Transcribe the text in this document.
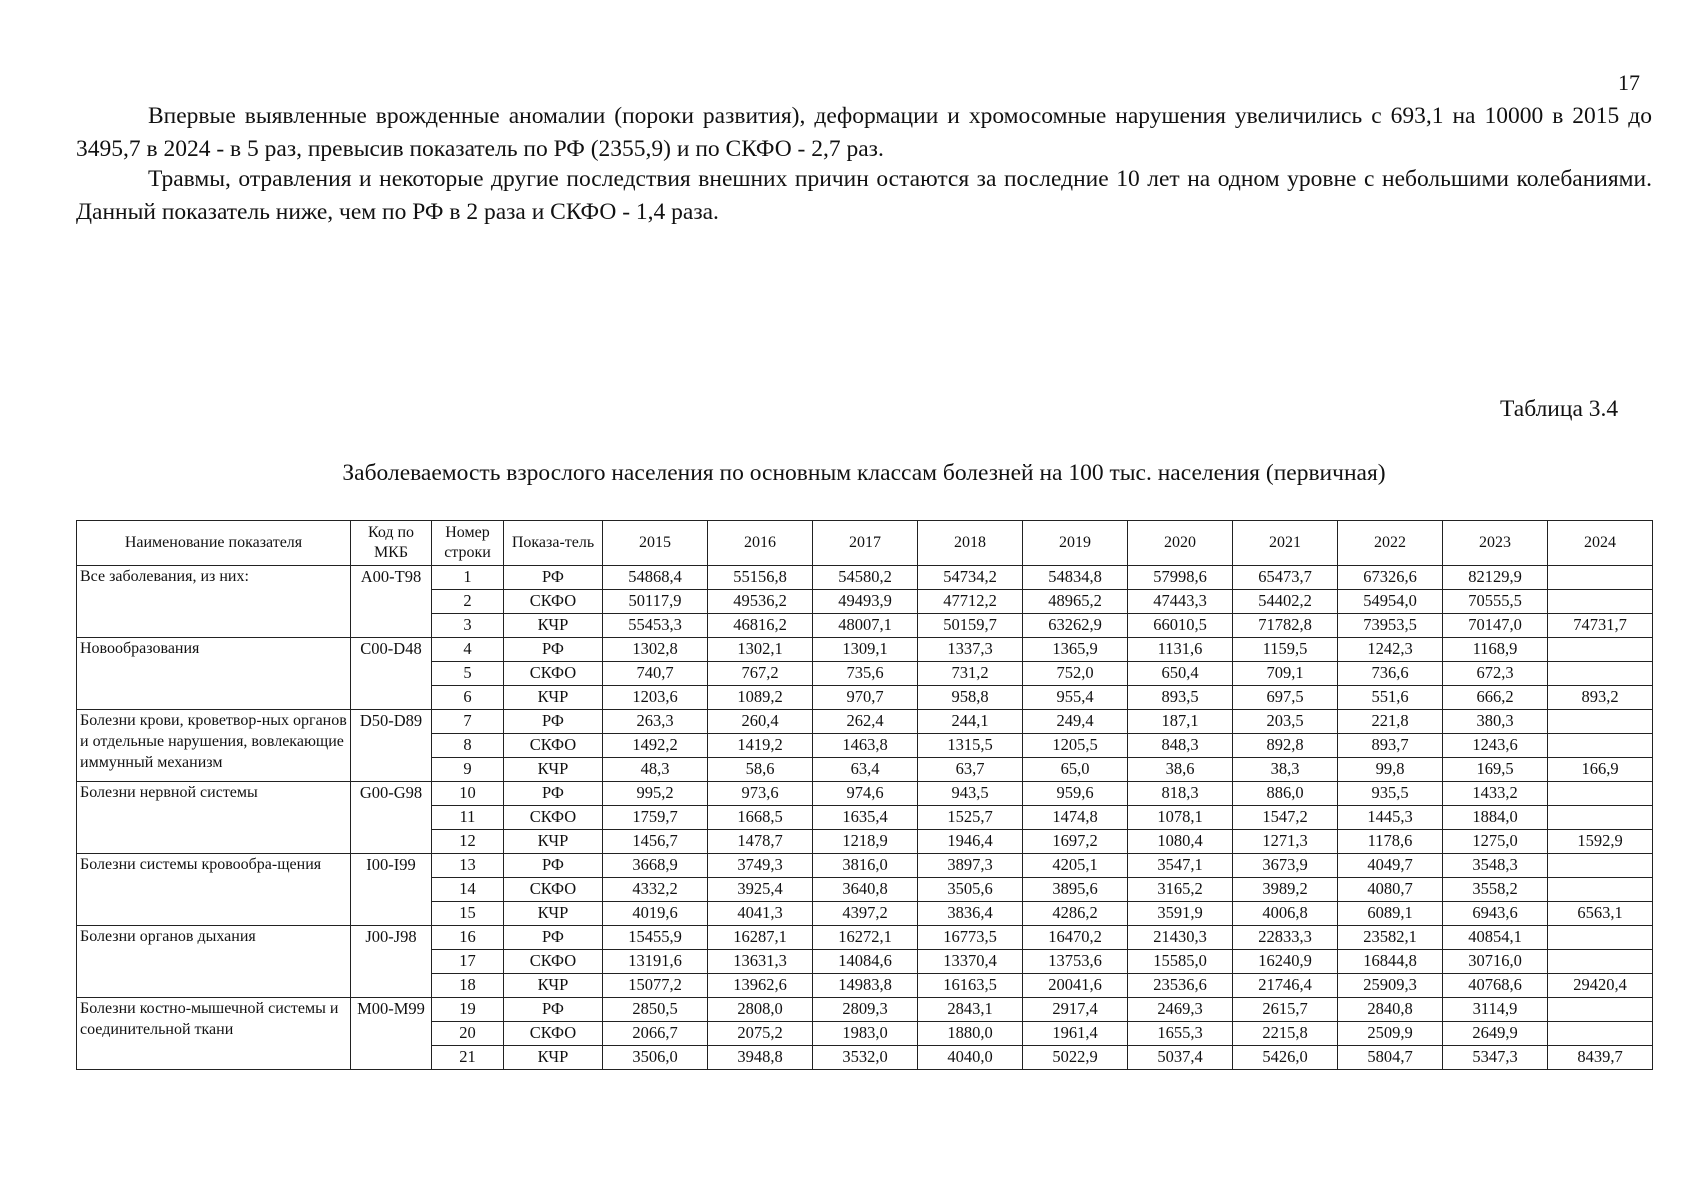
17

Впервые выявленные врожденные аномалии (пороки развития), деформации и хромосомные нарушения увеличились с 693,1 на 10000 в 2015 до 3495,7 в 2024 - в 5 раз, превысив показатель по РФ (2355,9) и по СКФО - 2,7 раз.

Травмы, отравления и некоторые другие последствия внешних причин остаются за последние 10 лет на одном уровне с небольшими колебаниями. Данный показатель ниже, чем по РФ в 2 раза и СКФО - 1,4 раза.

Таблица 3.4
Заболеваемость взрослого населения по основным классам болезней на 100 тыс. населения (первичная)
Наименование показателя	Код по МКБ	Номер строки	Показа-тель	2015	2016	2017	2018	2019	2020	2021	2022	2023	2024
Все заболевания, из них:	A00-T98	1	РФ	54868,4	55156,8	54580,2	54734,2	54834,8	57998,6	65473,7	67326,6	82129,9	
		2	СКФО	50117,9	49536,2	49493,9	47712,2	48965,2	47443,3	54402,2	54954,0	70555,5	
		3	КЧР	55453,3	46816,2	48007,1	50159,7	63262,9	66010,5	71782,8	73953,5	70147,0	74731,7
Новообразования	C00-D48	4	РФ	1302,8	1302,1	1309,1	1337,3	1365,9	1131,6	1159,5	1242,3	1168,9	
		5	СКФО	740,7	767,2	735,6	731,2	752,0	650,4	709,1	736,6	672,3	
		6	КЧР	1203,6	1089,2	970,7	958,8	955,4	893,5	697,5	551,6	666,2	893,2
Болезни крови, кроветвор-ных органов и отдельные нарушения, вовлекающие иммунный механизм	D50-D89	7	РФ	263,3	260,4	262,4	244,1	249,4	187,1	203,5	221,8	380,3	
		8	СКФО	1492,2	1419,2	1463,8	1315,5	1205,5	848,3	892,8	893,7	1243,6	
		9	КЧР	48,3	58,6	63,4	63,7	65,0	38,6	38,3	99,8	169,5	166,9
Болезни нервной системы	G00-G98	10	РФ	995,2	973,6	974,6	943,5	959,6	818,3	886,0	935,5	1433,2	
		11	СКФО	1759,7	1668,5	1635,4	1525,7	1474,8	1078,1	1547,2	1445,3	1884,0	
		12	КЧР	1456,7	1478,7	1218,9	1946,4	1697,2	1080,4	1271,3	1178,6	1275,0	1592,9
Болезни системы кровообра-щения	I00-I99	13	РФ	3668,9	3749,3	3816,0	3897,3	4205,1	3547,1	3673,9	4049,7	3548,3	
		14	СКФО	4332,2	3925,4	3640,8	3505,6	3895,6	3165,2	3989,2	4080,7	3558,2	
		15	КЧР	4019,6	4041,3	4397,2	3836,4	4286,2	3591,9	4006,8	6089,1	6943,6	6563,1
Болезни органов дыхания	J00-J98	16	РФ	15455,9	16287,1	16272,1	16773,5	16470,2	21430,3	22833,3	23582,1	40854,1	
		17	СКФО	13191,6	13631,3	14084,6	13370,4	13753,6	15585,0	16240,9	16844,8	30716,0	
		18	КЧР	15077,2	13962,6	14983,8	16163,5	20041,6	23536,6	21746,4	25909,3	40768,6	29420,4
Болезни костно-мышечной системы и соединительной ткани	M00-M99	19	РФ	2850,5	2808,0	2809,3	2843,1	2917,4	2469,3	2615,7	2840,8	3114,9	
		20	СКФО	2066,7	2075,2	1983,0	1880,0	1961,4	1655,3	2215,8	2509,9	2649,9	
		21	КЧР	3506,0	3948,8	3532,0	4040,0	5022,9	5037,4	5426,0	5804,7	5347,3	8439,7
